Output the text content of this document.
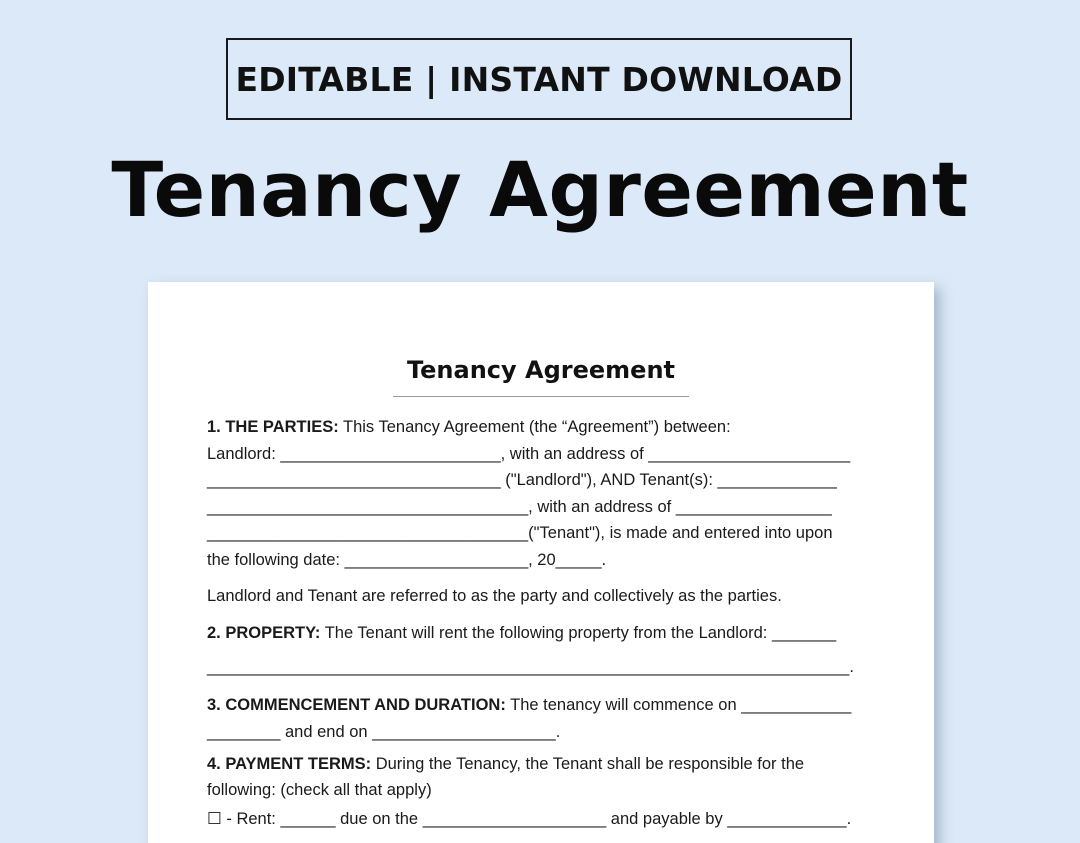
EDITABLE | INSTANT DOWNLOAD
Tenancy Agreement
Tenancy Agreement
1. THE PARTIES: This Tenancy Agreement (the “Agreement”) between:
Landlord: ________________________, with an address of ______________________
________________________________ ("Landlord"), AND Tenant(s): _____________
___________________________________, with an address of _________________
___________________________________("Tenant"), is made and entered into upon
the following date: ____________________, 20_____.
Landlord and Tenant are referred to as the party and collectively as the parties.
2. PROPERTY: The Tenant will rent the following property from the Landlord: _______
______________________________________________________________________.
3. COMMENCEMENT AND DURATION: The tenancy will commence on ____________
________ and end on ____________________.
4. PAYMENT TERMS: During the Tenancy, the Tenant shall be responsible for the
following: (check all that apply)
☐ - Rent: ______ due on the ____________________ and payable by _____________.
